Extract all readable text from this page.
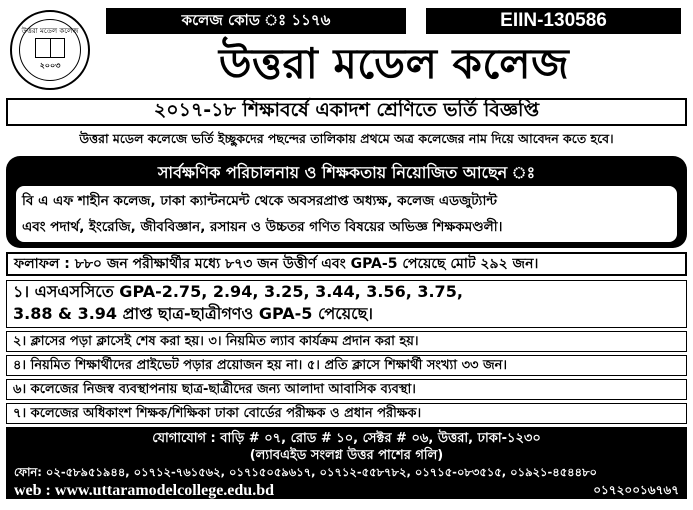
উত্তরা মডেল কলেজ
২০০৩
কলেজ কোড ঃ ১১৭৬	EIIN-130586
উত্তরা মডেল কলেজ
২০১৭-১৮ শিক্ষাবর্ষে একাদশ শ্রেণিতে ভর্তি বিজ্ঞপ্তি
উত্তরা মডেল কলেজে ভর্তি ইচ্ছুকদের পছন্দের তালিকায় প্রথমে অত্র কলেজের নাম দিয়ে আবেদন কতে হবে।
সার্বক্ষণিক পরিচালনায় ও শিক্ষকতায় নিয়োজিত আছেন ঃ
বি এ এফ শাহীন কলেজ, ঢাকা ক্যান্টনমেন্ট থেকে অবসরপ্রাপ্ত অধ্যক্ষ, কলেজ এডজুট্যান্ট
এবং পদার্থ, ইংরেজি, জীববিজ্ঞান, রসায়ন ও উচ্চতর গণিত বিষয়ের অভিজ্ঞ শিক্ষকমণ্ডলী।
ফলাফল : ৮৮০ জন পরীক্ষার্থীর মধ্যে ৮৭৩ জন উত্তীর্ণ এবং GPA-5 পেয়েছে মোট ২৯২ জন।
১। এসএসসিতে GPA-2.75, 2.94, 3.25, 3.44, 3.56, 3.75,
3.88 & 3.94 প্রাপ্ত ছাত্র-ছাত্রীগণও GPA-5 পেয়েছে।
২। ক্লাসের পড়া ক্লাসেই শেষ করা হয়। ৩। নিয়মিত ল্যাব কার্যক্রম প্রদান করা হয়।
৪। নিয়মিত শিক্ষার্থীদের প্রাইভেট পড়ার প্রয়োজন হয় না। ৫। প্রতি ক্লাসে শিক্ষার্থী সংখ্যা ৩৩ জন।
৬। কলেজের নিজস্ব ব্যবস্থাপনায় ছাত্র-ছাত্রীদের জন্য আলাদা আবাসিক ব্যবস্থা।
৭। কলেজের অধিকাংশ শিক্ষক/শিক্ষিকা ঢাকা বোর্ডের পরীক্ষক ও প্রধান পরীক্ষক।
যোগাযোগ : বাড়ি # ০৭, রোড # ১০, সেক্টর # ০৬, উত্তরা, ঢাকা-১২৩০
(ল্যাবএইড সংলগ্ন উত্তর পাশের গলি)
ফোন: ০২-৫৮৯৫১৯৪৪, ০১৭১২-৭৬১৫৬২, ০১৭১৫০৫৯৬১৭, ০১৭১২-৫৫৮৭৮২, ০১৭১৫-০৮৩৫১৫, ০১৯২১-৪৫৪৪৮০
web : www.uttaramodelcollege.edu.bd	০১৭২০০১৬৭৬৭
